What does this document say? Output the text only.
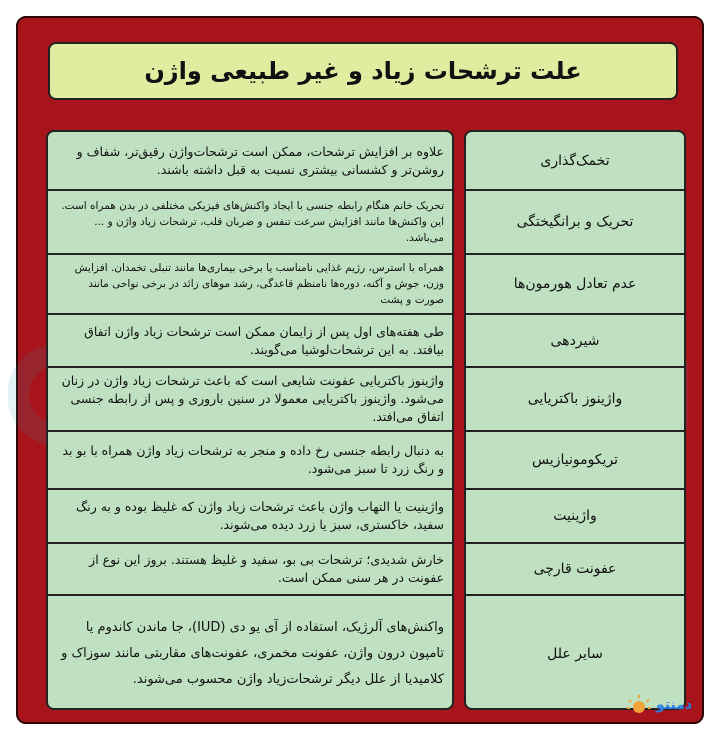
علت ترشحات زیاد و غیر طبیعی واژن
تخمک‌گذاری
تحریک و برانگیختگی
عدم تعادل هورمون‌ها
شیردهی
واژینوز باکتریایی
تریکومونیازیس
واژینیت
عفونت قارچی
سایر علل
علاوه بر افزایش ترشحات، ممکن است ترشحات‌واژن رقیق‌تر، شفاف و روشن‌تر و کشسانی بیشتری نسبت به قبل داشته باشند.
تحریک خانم هنگام رابطه جنسی با ایجاد واکنش‌های فیزیکی مختلفی در بدن همراه است. این واکنش‌ها مانند افزایش سرعت تنفس و ضربان قلب، ترشحات زیاد واژن و ... می‌باشد.
همراه با استرس، رژیم غذایی نامناسب یا برخی بیماری‌ها مانند تنبلی تخمدان. افزایش وزن، جوش و آکنه، دوره‌ها نامنظم قاعدگی، رشد موهای زائد در برخی نواحی مانند صورت و پشت
طی هفته‌های اول پس از زایمان ممکن است ترشحات زیاد واژن اتفاق بیافتد. به این ترشحات‌لوشیا می‌گویند.
واژینوز باکتریایی عفونت شایعی است که باعث ترشحات زیاد واژن در زنان می‌شود. واژینوز باکتریایی معمولا در سنین باروری و پس از رابطه جنسی اتفاق می‌افتد.
به دنبال رابطه جنسی رخ داده و منجر به ترشحات زیاد واژن همراه با بو بد و رنگ زرد تا سبز می‌شود.
واژینیت یا التهاب واژن باعث ترشحات زیاد واژن که غلیظ بوده و به رنگ سفید، خاکستری، سبز یا زرد دیده می‌شوند.
خارش شدیدی؛ ترشحات بی بو، سفید و غلیظ هستند. بروز این نوع از عفونت در هر سنی ممکن است.
واکنش‌های آلرژیک، استفاده از آی یو دی (IUD)، جا ماندن کاندوم یا تامپون درون واژن، عفونت مخمری، عفونت‌های مقاربتی مانند سوزاک و کلامیدیا از علل دیگر ترشحات‌زیاد واژن محسوب می‌شوند.
دمنتو
